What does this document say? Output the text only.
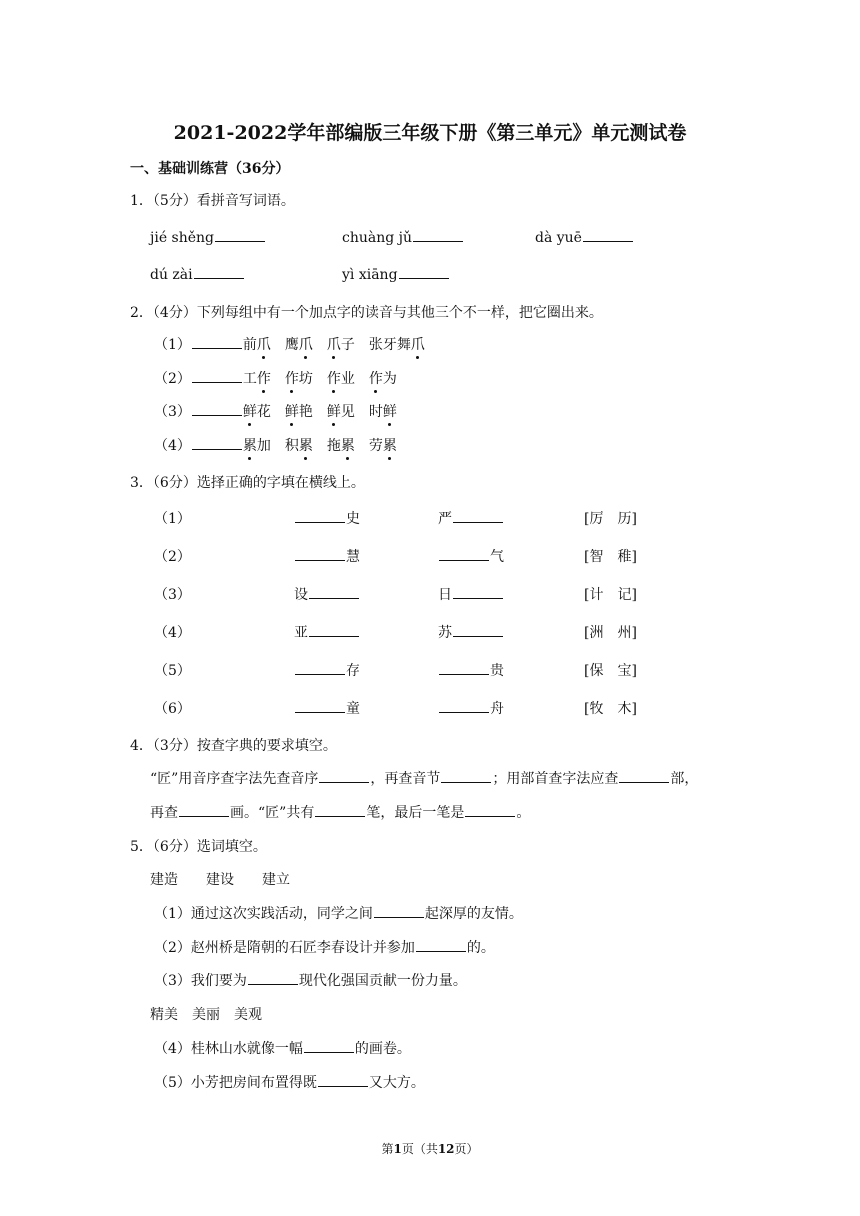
2021-2022学年部编版三年级下册《第三单元》单元测试卷
一、基础训练营（36分）
1．（5分）看拼音写词语。
jié shěng	chuàng jǔ	dà yuē
dú zài	yì xiāng
2．（4分）下列每组中有一个加点字的读音与其他三个不一样，把它圈出来。
（1）	前爪 鹰爪 爪子 张牙舞爪
（2）	工作 作坊 作业 作为
（3）	鲜花 鲜艳 鲜见 时鲜
（4）	累加 积累 拖累 劳累
3．（6分）选择正确的字填在横线上。
（1）	史	严	[厉　历]
（2）	慧	气	[智　稚]
（3）	设	日	[计　记]
（4）	亚	苏	[洲　州]
（5）	存	贵	[保　宝]
（6）	童	舟	[牧　木]
4．（3分）按查字典的要求填空。
“匠”用音序查字法先查音序	，再查音节	；用部首查字法应查	部，
再查	画。“匠”共有	笔，最后一笔是	。
5．（6分）选词填空。
建造　　建设　　建立
（1）通过这次实践活动，同学之间	起深厚的友情。
（2）赵州桥是隋朝的石匠李春设计并参加	的。
（3）我们要为	现代化强国贡献一份力量。
精美　美丽　美观
（4）桂林山水就像一幅	的画卷。
（5）小芳把房间布置得既	又大方。
第1页（共12页）
